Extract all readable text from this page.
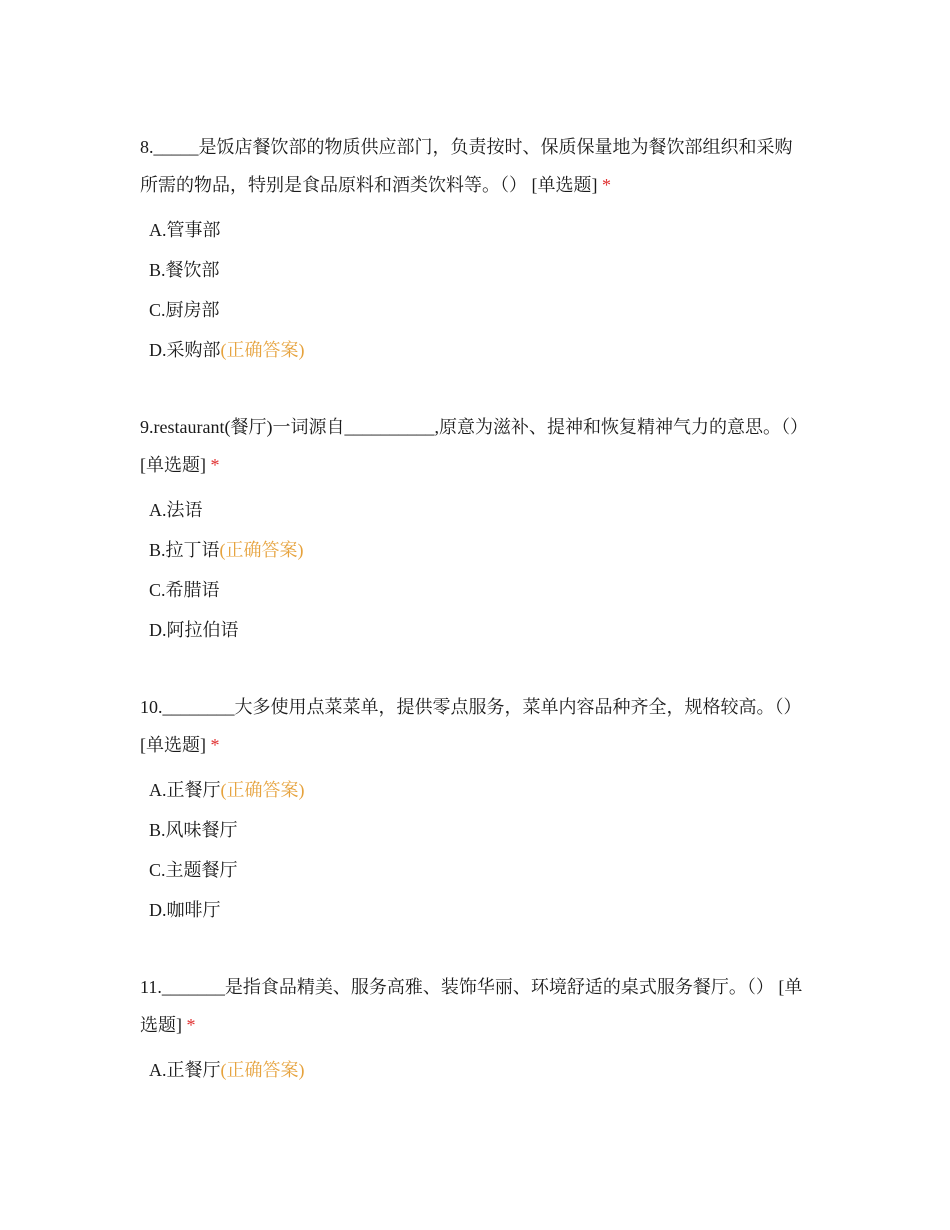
8._____是饭店餐饮部的物质供应部门，负责按时、保质保量地为餐饮部组织和采购所需的物品，特别是食品原料和酒类饮料等。（） [单选题] *

A.管事部
B.餐饮部
C.厨房部
D.采购部(正确答案)

9.restaurant(餐厅)一词源自__________,原意为滋补、提神和恢复精神气力的意思。（） [单选题] *

A.法语
B.拉丁语(正确答案)
C.希腊语
D.阿拉伯语

10.________大多使用点菜菜单，提供零点服务，菜单内容品种齐全，规格较高。（） [单选题] *

A.正餐厅(正确答案)
B.风味餐厅
C.主题餐厅
D.咖啡厅

11._______是指食品精美、服务高雅、装饰华丽、环境舒适的桌式服务餐厅。（） [单选题] *

A.正餐厅(正确答案)
